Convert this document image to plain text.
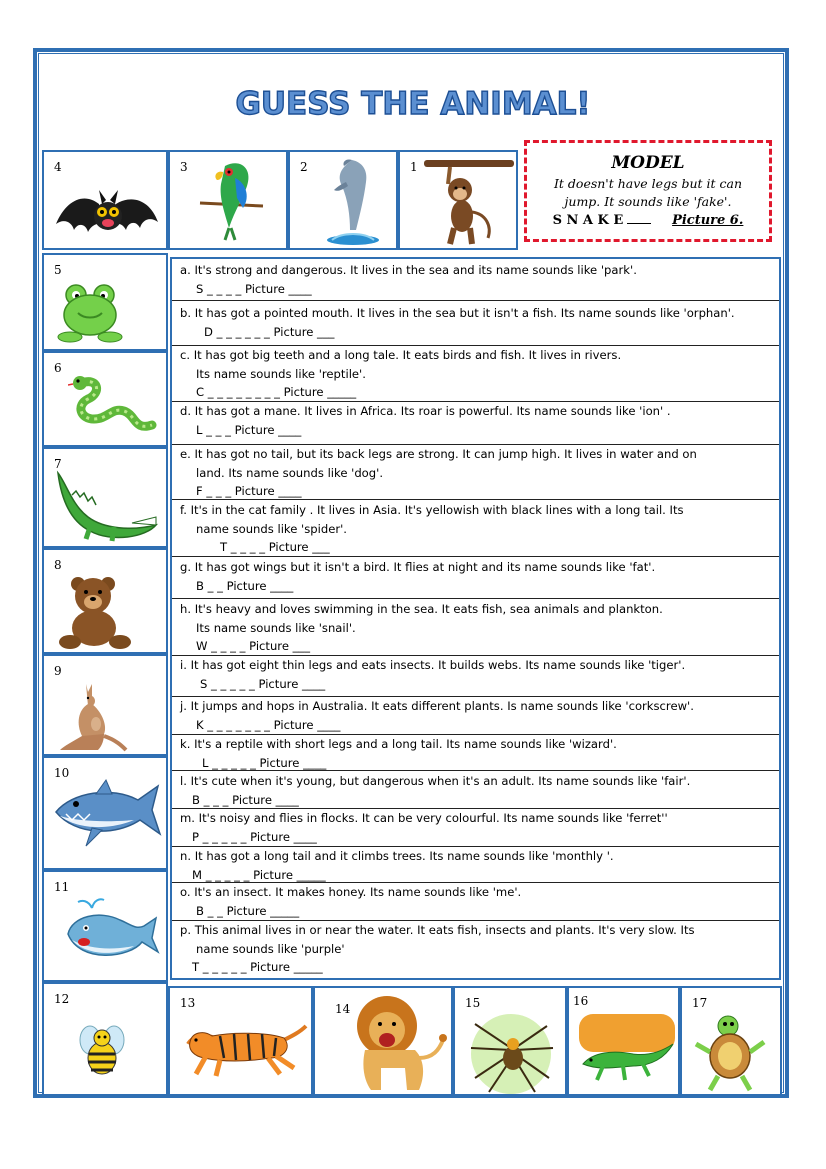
GUESS THE ANIMAL!
4	3	2	1	MODEL
It doesn't have legs but it can
jump. It sounds like 'fake'.
S N A K E	Picture 6.
5
6
7
8
9
10
11
12	13	14	15	16	17
a. It's strong and dangerous. It lives in the sea and its name sounds like 'park'.
S _ _ _ _ Picture ____
b. It has got a pointed mouth. It lives in the sea but it isn't a fish. Its name sounds like 'orphan'.
D _ _ _ _ _ _ Picture ___
c. It has got big teeth and a long tale. It eats birds and fish. It lives in rivers.
Its name sounds like 'reptile'.
C _ _ _ _ _ _ _ _ Picture _____
d. It has got a mane. It lives in Africa. Its roar is powerful. Its name sounds like 'ion' .
L _ _ _ Picture ____
e. It has got no tail, but its back legs are strong. It can jump high. It lives in water and on
land. Its name sounds like 'dog'.
F _ _ _ Picture ____
f. It's in the cat family . It lives in Asia. It's yellowish with black lines with a long tail. Its
name sounds like 'spider'.
T _ _ _ _ Picture ___
g. It has got wings but it isn't a bird. It flies at night and its name sounds like 'fat'.
B _ _ Picture ____
h. It's heavy and loves swimming in the sea. It eats fish, sea animals and plankton.
Its name sounds like 'snail'.
W _ _ _ _ Picture ___
i. It has got eight thin legs and eats insects. It builds webs. Its name sounds like 'tiger'.
S _ _ _ _ _ Picture ____
j. It jumps and hops in Australia. It eats different plants. Is name sounds like 'corkscrew'.
K _ _ _ _ _ _ _ Picture ____
k. It's a reptile with short legs and a long tail. Its name sounds like 'wizard'.
L _ _ _ _ _ Picture ____
l. It's cute when it's young, but dangerous when it's an adult. Its name sounds like 'fair'.
B _ _ _ Picture ____
m. It's noisy and flies in flocks. It can be very colourful. Its name sounds like 'ferret''
P _ _ _ _ _ Picture ____
n. It has got a long tail and it climbs trees. Its name sounds like 'monthly '.
M _ _ _ _ _ Picture _____
o. It's an insect. It makes honey. Its name sounds like 'me'.
B _ _ Picture _____
p. This animal lives in or near the water. It eats fish, insects and plants. It's very slow. Its
name sounds like 'purple'
T _ _ _ _ _ Picture _____
